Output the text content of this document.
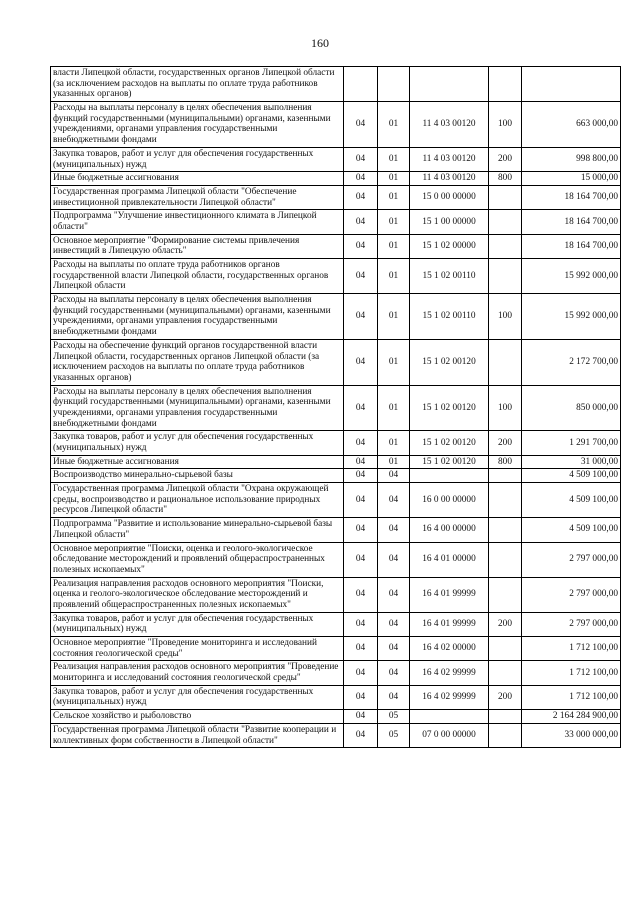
160
власти Липецкой области, государственных органов Липецкой области (за исключением расходов на выплаты по оплате труда работников указанных органов)					
Расходы на выплаты персоналу в целях обеспечения выполнения функций государственными (муниципальными) органами, казенными учреждениями, органами управления государственными внебюджетными фондами	04	01	11 4 03 00120	100	663 000,00
Закупка товаров, работ и услуг для обеспечения государственных (муниципальных) нужд	04	01	11 4 03 00120	200	998 800,00
Иные бюджетные ассигнования	04	01	11 4 03 00120	800	15 000,00
Государственная программа Липецкой области "Обеспечение инвестиционной привлекательности Липецкой области"	04	01	15 0 00 00000		18 164 700,00
Подпрограмма "Улучшение инвестиционного климата в Липецкой области"	04	01	15 1 00 00000		18 164 700,00
Основное мероприятие "Формирование системы привлечения инвестиций в Липецкую область"	04	01	15 1 02 00000		18 164 700,00
Расходы на выплаты по оплате труда работников органов государственной власти Липецкой области, государственных органов Липецкой области	04	01	15 1 02 00110		15 992 000,00
Расходы на выплаты персоналу в целях обеспечения выполнения функций государственными (муниципальными) органами, казенными учреждениями, органами управления государственными внебюджетными фондами	04	01	15 1 02 00110	100	15 992 000,00
Расходы на обеспечение функций органов государственной власти Липецкой области, государственных органов Липецкой области (за исключением расходов на выплаты по оплате труда работников указанных органов)	04	01	15 1 02 00120		2 172 700,00
Расходы на выплаты персоналу в целях обеспечения выполнения функций государственными (муниципальными) органами, казенными учреждениями, органами управления государственными внебюджетными фондами	04	01	15 1 02 00120	100	850 000,00
Закупка товаров, работ и услуг для обеспечения государственных (муниципальных) нужд	04	01	15 1 02 00120	200	1 291 700,00
Иные бюджетные ассигнования	04	01	15 1 02 00120	800	31 000,00
Воспроизводство минерально-сырьевой базы	04	04			4 509 100,00
Государственная программа Липецкой области "Охрана окружающей среды, воспроизводство и рациональное использование природных ресурсов Липецкой области"	04	04	16 0 00 00000		4 509 100,00
Подпрограмма "Развитие и использование минерально-сырьевой базы Липецкой области"	04	04	16 4 00 00000		4 509 100,00
Основное мероприятие "Поиски, оценка и геолого-экологическое обследование месторождений и проявлений общераспространенных полезных ископаемых"	04	04	16 4 01 00000		2 797 000,00
Реализация направления расходов основного мероприятия "Поиски, оценка и геолого-экологическое обследование месторождений и проявлений общераспространенных полезных ископаемых"	04	04	16 4 01 99999		2 797 000,00
Закупка товаров, работ и услуг для обеспечения государственных (муниципальных) нужд	04	04	16 4 01 99999	200	2 797 000,00
Основное мероприятие "Проведение мониторинга и исследований состояния геологической среды"	04	04	16 4 02 00000		1 712 100,00
Реализация направления расходов основного мероприятия "Проведение мониторинга и исследований состояния геологической среды"	04	04	16 4 02 99999		1 712 100,00
Закупка товаров, работ и услуг для обеспечения государственных (муниципальных) нужд	04	04	16 4 02 99999	200	1 712 100,00
Сельское хозяйство и рыболовство	04	05			2 164 284 900,00
Государственная программа Липецкой области "Развитие кооперации и коллективных форм собственности в Липецкой области"	04	05	07 0 00 00000		33 000 000,00
